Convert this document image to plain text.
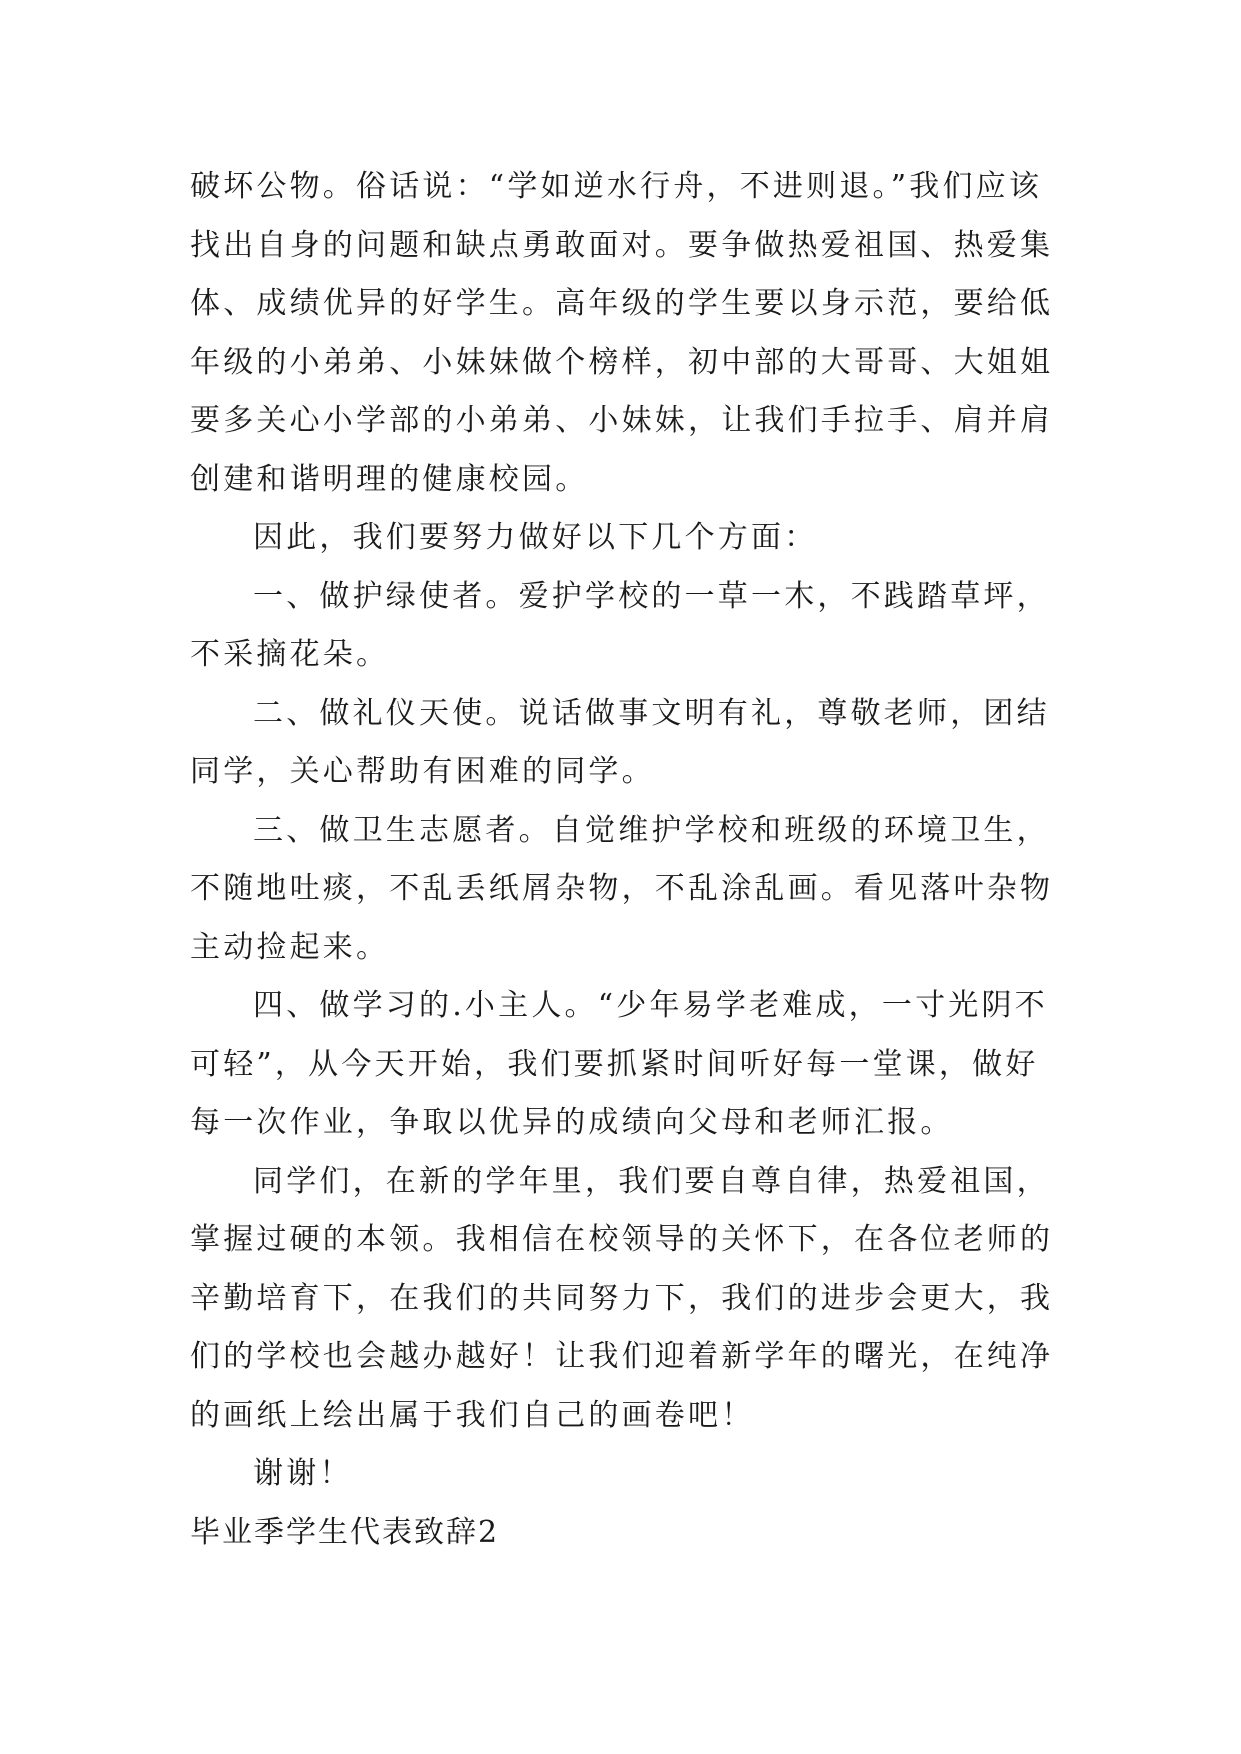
破坏公物。俗话说：“学如逆水行舟，不进则退。”我们应该
找出自身的问题和缺点勇敢面对。要争做热爱祖国、热爱集
体、成绩优异的好学生。高年级的学生要以身示范，要给低
年级的小弟弟、小妹妹做个榜样，初中部的大哥哥、大姐姐
要多关心小学部的小弟弟、小妹妹，让我们手拉手、肩并肩
创建和谐明理的健康校园。
因此，我们要努力做好以下几个方面：
一、做护绿使者。爱护学校的一草一木，不践踏草坪，
不采摘花朵。
二、做礼仪天使。说话做事文明有礼，尊敬老师，团结
同学，关心帮助有困难的同学。
三、做卫生志愿者。自觉维护学校和班级的环境卫生，
不随地吐痰，不乱丢纸屑杂物，不乱涂乱画。看见落叶杂物
主动捡起来。
四、做学习的.小主人。“少年易学老难成，一寸光阴不
可轻”，从今天开始，我们要抓紧时间听好每一堂课，做好
每一次作业，争取以优异的成绩向父母和老师汇报。
同学们，在新的学年里，我们要自尊自律，热爱祖国，
掌握过硬的本领。我相信在校领导的关怀下，在各位老师的
辛勤培育下，在我们的共同努力下，我们的进步会更大，我
们的学校也会越办越好！让我们迎着新学年的曙光，在纯净
的画纸上绘出属于我们自己的画卷吧！
谢谢！
毕业季学生代表致辞2
